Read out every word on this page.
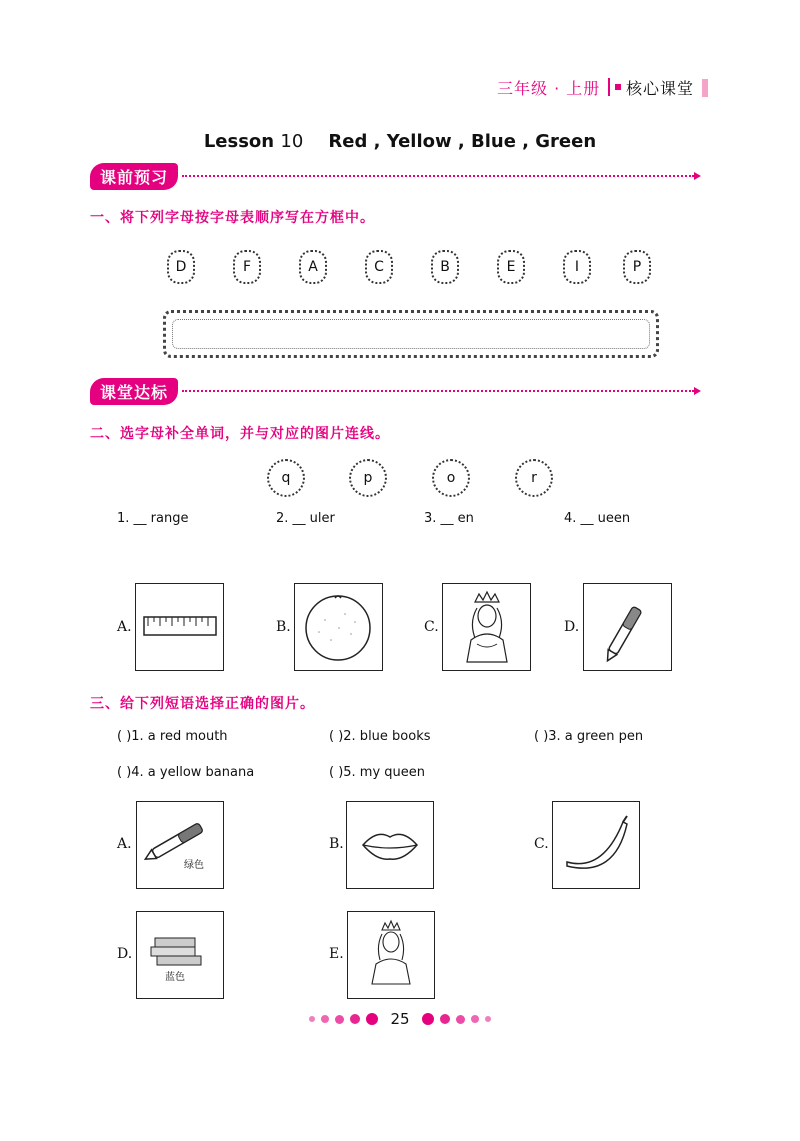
三年级 · 上册 核心课堂
Lesson 10 Red , Yellow , Blue , Green
课前预习
一、将下列字母按字母表顺序写在方框中。
D	F	A	C	B	E	I	P
课堂达标
二、选字母补全单词，并与对应的图片连线。
q	p	o	r
1. __ range	2. __ uler	3. __ en	4. __ ueen
A.	B.	C.	D.
三、给下列短语选择正确的图片。
( )1. a red mouth	( )2. blue books	( )3. a green pen
( )4. a yellow banana	( )5. my queen
A.
绿色
B.	C.
D.
蓝色
E.
25
